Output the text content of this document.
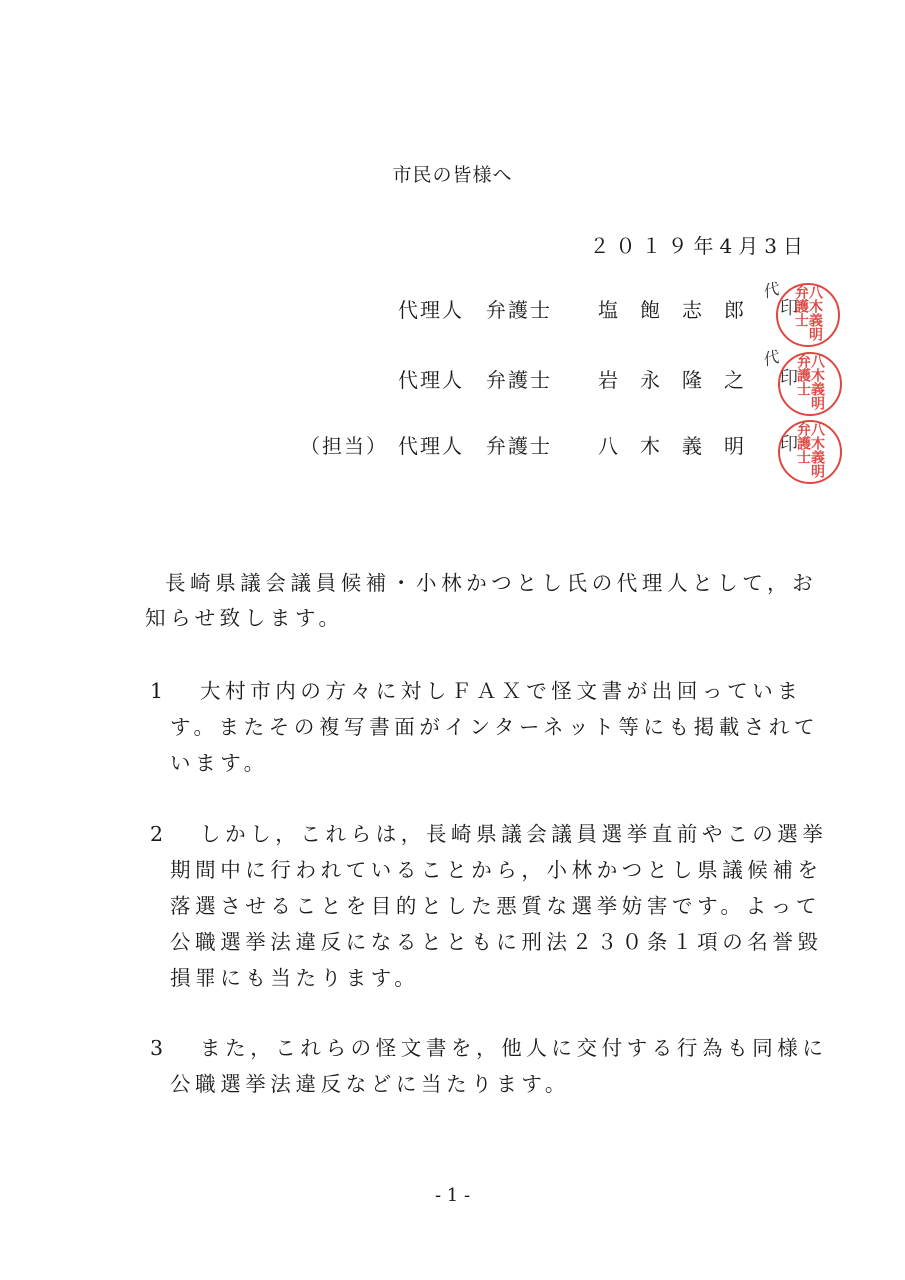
市民の皆様へ
２０１９年4月3日
代理人 弁護士 塩飽志郎 印
代	八木義明弁護士
代理人 弁護士 岩永隆之 印
代	八木義明弁護士
（担当） 代理人 弁護士 八木義明 印 八木義明弁護士
長崎県議会議員候補・小林かつとし氏の代理人として，お知らせ致します。
1	大村市内の方々に対しＦＡＸで怪文書が出回っています。またその複写書面がインターネット等にも掲載されています。
2	しかし，これらは，長崎県議会議員選挙直前やこの選挙期間中に行われていることから，小林かつとし県議候補を落選させることを目的とした悪質な選挙妨害です。よって公職選挙法違反になるとともに刑法２３０条１項の名誉毀損罪にも当たります。
3	また，これらの怪文書を，他人に交付する行為も同様に公職選挙法違反などに当たります。
- 1 -
